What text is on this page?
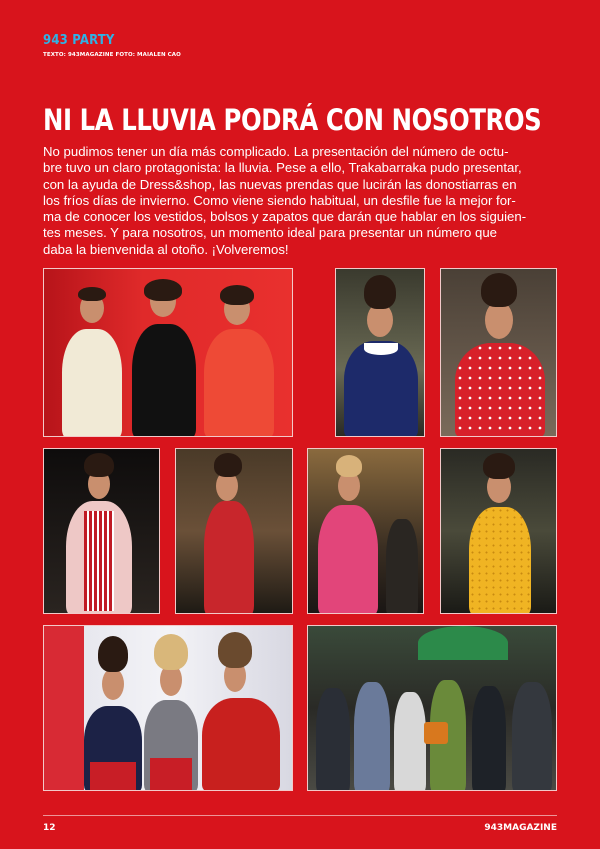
943 PARTY
TEXTO: 943MAGAZINE FOTO: MAIALEN CAO
NI LA LLUVIA PODRÁ CON NOSOTROS
No pudimos tener un día más complicado. La presentación del número de octu-
bre tuvo un claro protagonista: la lluvia. Pese a ello, Trakabarraka pudo presentar,
con la ayuda de Dress&shop, las nuevas prendas que lucirán las donostiarras en
los fríos días de invierno. Como viene siendo habitual, un desfile fue la mejor for-
ma de conocer los vestidos, bolsos y zapatos que darán que hablar en los siguien-
tes meses. Y para nosotros, un momento ideal para presentar un número que
daba la bienvenida al otoño. ¡Volveremos!
12	943MAGAZINE
